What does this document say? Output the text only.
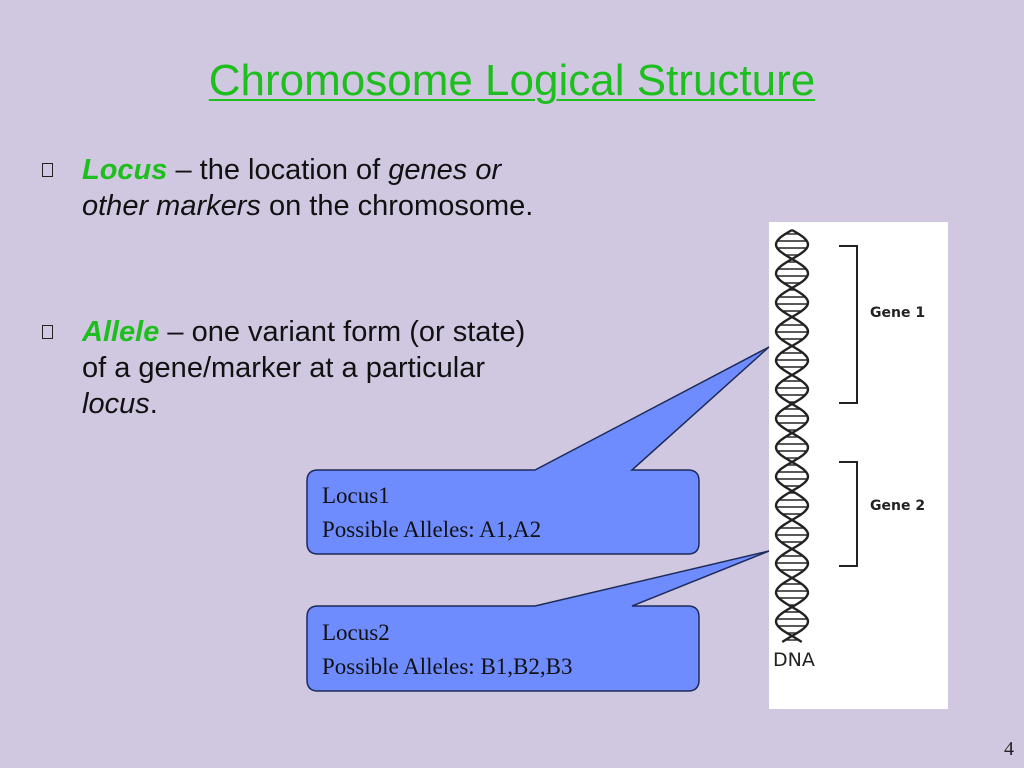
Chromosome Logical Structure
Locus – the location of genes or other markers on the chromosome.
Allele – one variant form (or state) of a gene/marker at a particular locus.
Gene 1
Gene 2
DNA
Locus1
Possible Alleles: A1,A2
Locus2
Possible Alleles: B1,B2,B3
4
